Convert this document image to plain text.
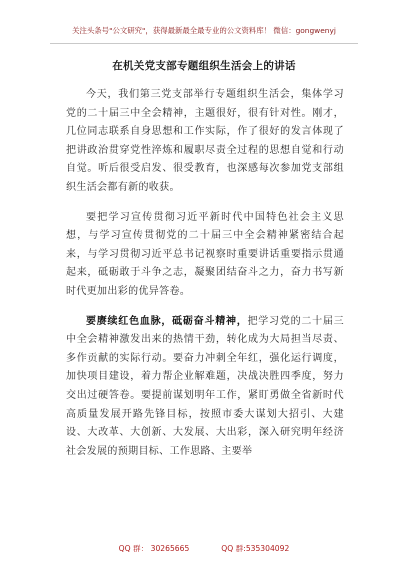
关注头条号"公文研究"，获得最新最全最专业的公文资料库！ 微信：gongwenyj
在机关党支部专题组织生活会上的讲话

今天，我们第三党支部举行专题组织生活会，集体学习党的二十届三中全会精神，主题很好，很有针对性。刚才，几位同志联系自身思想和工作实际，作了很好的发言体现了把讲政治贯穿党性淬炼和履职尽责全过程的思想自觉和行动自觉。听后很受启发、很受教育，也深感每次参加党支部组织生活会都有新的收获。

要把学习宣传贯彻习近平新时代中国特色社会主义思想，与学习宣传贯彻党的二十届三中全会精神紧密结合起来，与学习贯彻习近平总书记视察时重要讲话重要指示贯通起来，砥砺敢于斗争之志，凝聚团结奋斗之力，奋力书写新时代更加出彩的优异答卷。

要赓续红色血脉，砥砺奋斗精神，把学习党的二十届三中全会精神激发出来的热情干劲，转化成为大局担当尽责、多作贡献的实际行动。要奋力冲刺全年红，强化运行调度，加快项目建设，着力帮企业解难题，决战决胜四季度，努力交出过硬答卷。要提前谋划明年工作，紧盯勇做全省新时代高质量发展开路先锋目标，按照市委大谋划大招引、大建设、大改革、大创新、大发展、大出彩，深入研究明年经济社会发展的预期目标、工作思路、主要举

QQ 群： 30265665	QQ 群:535304092
